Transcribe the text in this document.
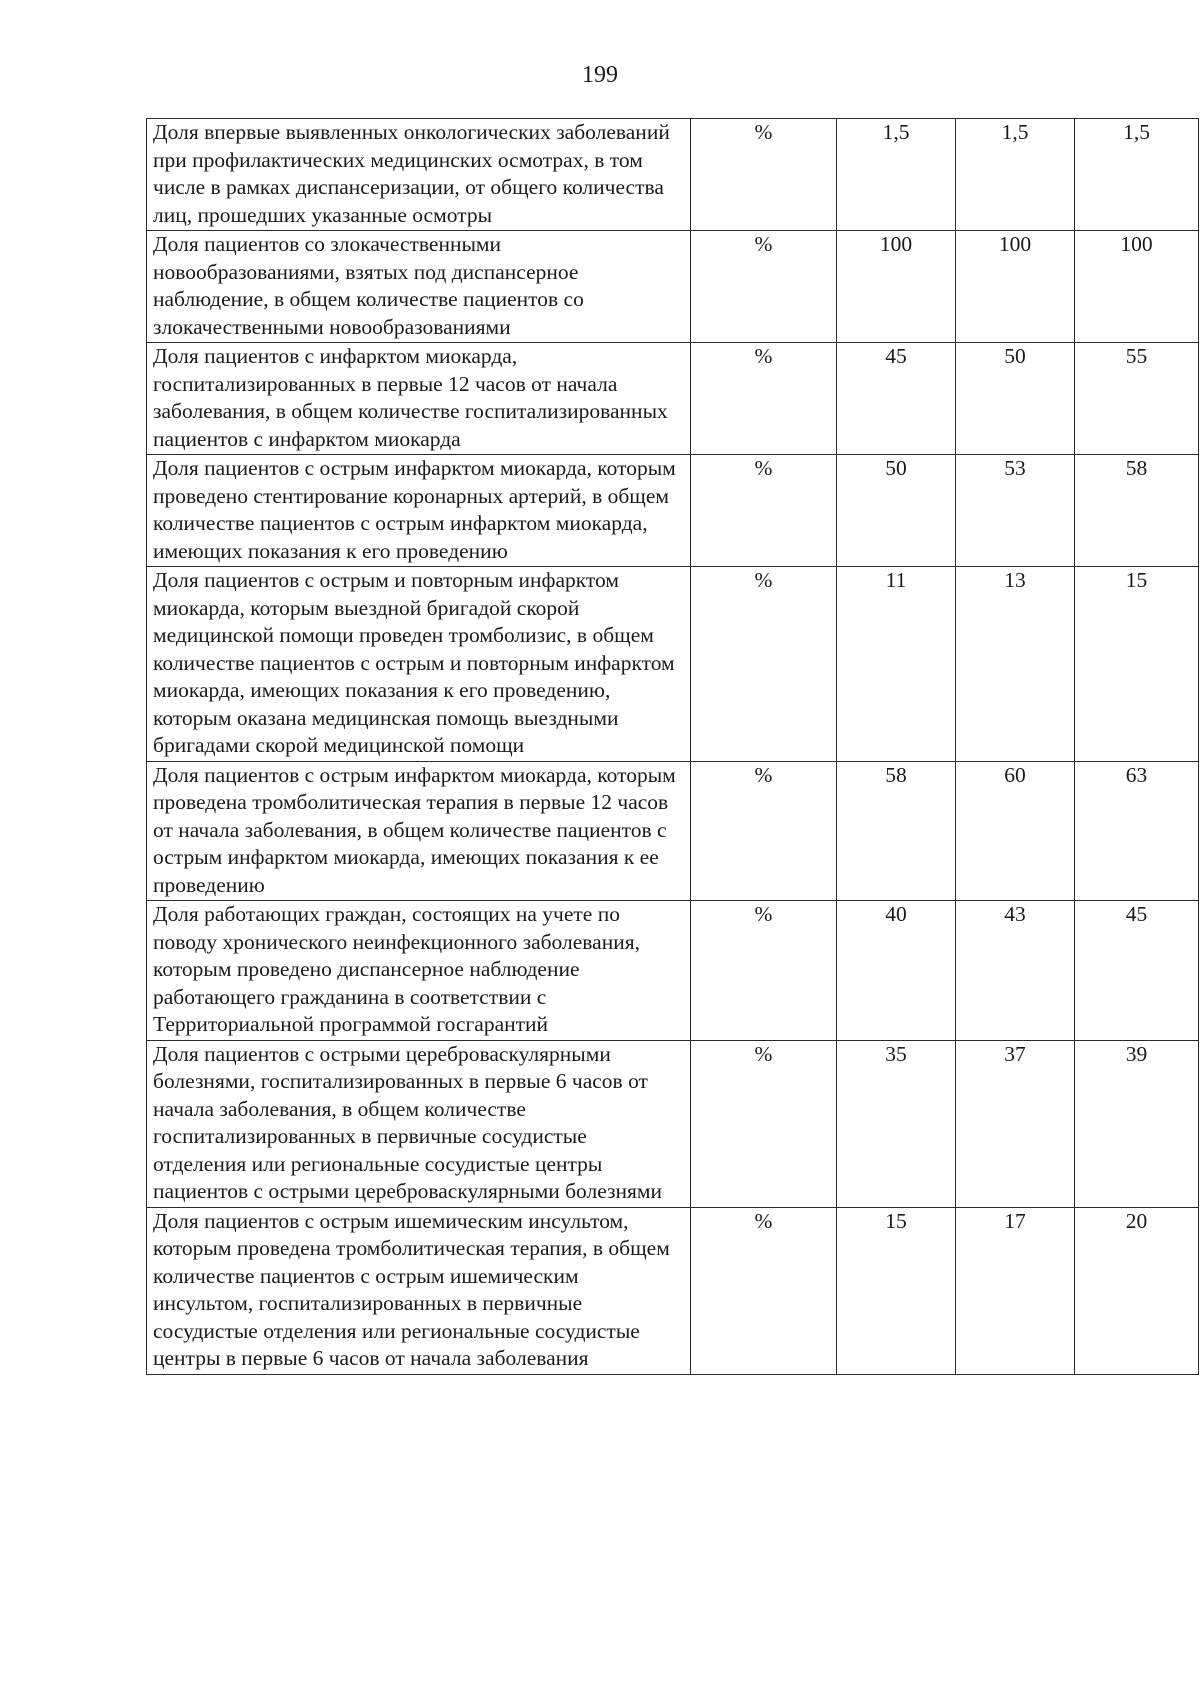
199
Доля впервые выявленных онкологических заболеваний при профилактических медицинских осмотрах, в том числе в рамках диспансеризации, от общего количества лиц, прошедших указанные осмотры	%	1,5	1,5	1,5
Доля пациентов со злокачественными новообразованиями, взятых под диспансерное наблюдение, в общем количестве пациентов со злокачественными новообразованиями	%	100	100	100
Доля пациентов с инфарктом миокарда, госпитализированных в первые 12 часов от начала заболевания, в общем количестве госпитализированных пациентов с инфарктом миокарда	%	45	50	55
Доля пациентов с острым инфарктом миокарда, которым проведено стентирование коронарных артерий, в общем количестве пациентов с острым инфарктом миокарда, имеющих показания к его проведению	%	50	53	58
Доля пациентов с острым и повторным инфарктом миокарда, которым выездной бригадой скорой медицинской помощи проведен тромболизис, в общем количестве пациентов с острым и повторным инфарктом миокарда, имеющих показания к его проведению, которым оказана медицинская помощь выездными бригадами скорой медицинской помощи	%	11	13	15
Доля пациентов с острым инфарктом миокарда, которым проведена тромболитическая терапия в первые 12 часов от начала заболевания, в общем количестве пациентов с острым инфарктом миокарда, имеющих показания к ее проведению	%	58	60	63
Доля работающих граждан, состоящих на учете по поводу хронического неинфекционного заболевания, которым проведено диспансерное наблюдение работающего гражданина в соответствии с Территориальной программой госгарантий	%	40	43	45
Доля пациентов с острыми цереброваскулярными болезнями, госпитализированных в первые 6 часов от начала заболевания, в общем количестве госпитализированных в первичные сосудистые отделения или региональные сосудистые центры пациентов с острыми цереброваскулярными болезнями	%	35	37	39
Доля пациентов с острым ишемическим инсультом, которым проведена тромболитическая терапия, в общем количестве пациентов с острым ишемическим инсультом, госпитализированных в первичные сосудистые отделения или региональные сосудистые центры в первые 6 часов от начала заболевания	%	15	17	20
